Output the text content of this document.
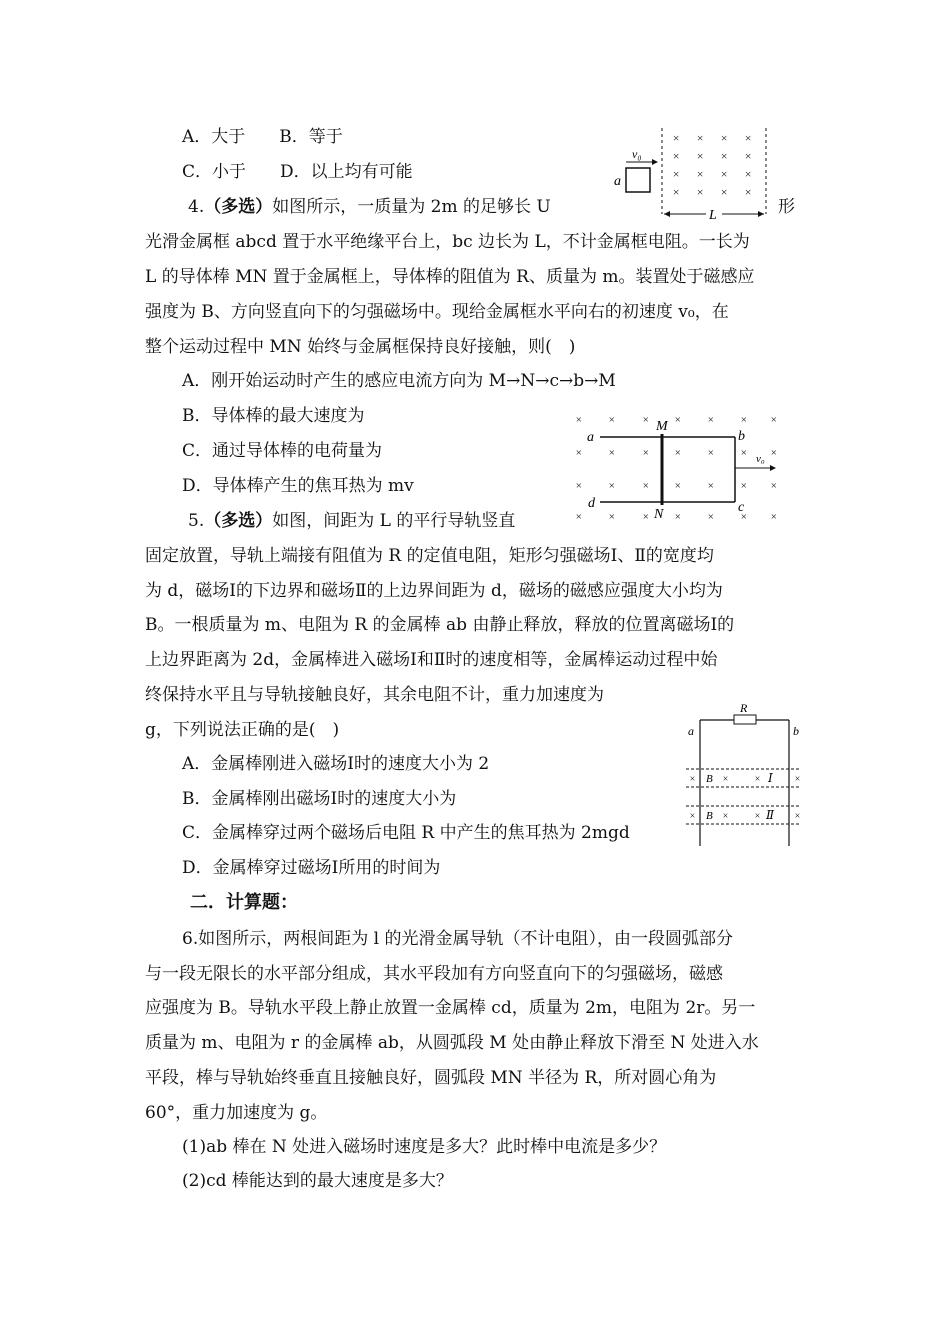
A．大于　　B．等于
C．小于　　D．以上均有可能
× × × ×
× × × ×
× × × ×
× × × ×
v₀
a
L
4.（多选）如图所示，一质量为 2m 的足够长 U	形
光滑金属框 abcd 置于水平绝缘平台上，bc 边长为 L，不计金属框电阻。一长为
L 的导体棒 MN 置于金属框上，导体棒的阻值为 R、质量为 m。装置处于磁感应
强度为 B、方向竖直向下的匀强磁场中。现给金属框水平向右的初速度 v₀，在
整个运动过程中 MN 始终与金属框保持良好接触，则(　)
A．刚开始运动时产生的感应电流方向为 M→N→c→b→M
B．导体棒的最大速度为
C．通过导体棒的电荷量为
D．导体棒产生的焦耳热为 mv
× × × × × × ×
× × × × × × ×
× × × × × × ×
× × × × × × ×
a	b
c
d
M
N
v₀
5.（多选）如图，间距为 L 的平行导轨竖直
固定放置，导轨上端接有阻值为 R 的定值电阻，矩形匀强磁场Ⅰ、Ⅱ的宽度均
为 d，磁场Ⅰ的下边界和磁场Ⅱ的上边界间距为 d，磁场的磁感应强度大小均为
B。一根质量为 m、电阻为 R 的金属棒 ab 由静止释放，释放的位置离磁场Ⅰ的
上边界距离为 2d，金属棒进入磁场Ⅰ和Ⅱ时的速度相等，金属棒运动过程中始
终保持水平且与导轨接触良好，其余电阻不计，重力加速度为
g，下列说法正确的是(　)
A．金属棒刚进入磁场Ⅰ时的速度大小为 2
B．金属棒刚出磁场Ⅰ时的速度大小为
C．金属棒穿过两个磁场后电阻 R 中产生的焦耳热为 2mgd
D．金属棒穿过磁场Ⅰ所用的时间为
R
a	b
×	×	×	×
×	×	×	×
B
B
Ⅰ
Ⅱ
二．计算题：
6.如图所示，两根间距为 l 的光滑金属导轨（不计电阻），由一段圆弧部分
与一段无限长的水平部分组成，其水平段加有方向竖直向下的匀强磁场，磁感
应强度为 B。导轨水平段上静止放置一金属棒 cd，质量为 2m，电阻为 2r。另一
质量为 m、电阻为 r 的金属棒 ab，从圆弧段 M 处由静止释放下滑至 N 处进入水
平段，棒与导轨始终垂直且接触良好，圆弧段 MN 半径为 R，所对圆心角为
60°，重力加速度为 g。
(1)ab 棒在 N 处进入磁场时速度是多大？此时棒中电流是多少？
(2)cd 棒能达到的最大速度是多大？
